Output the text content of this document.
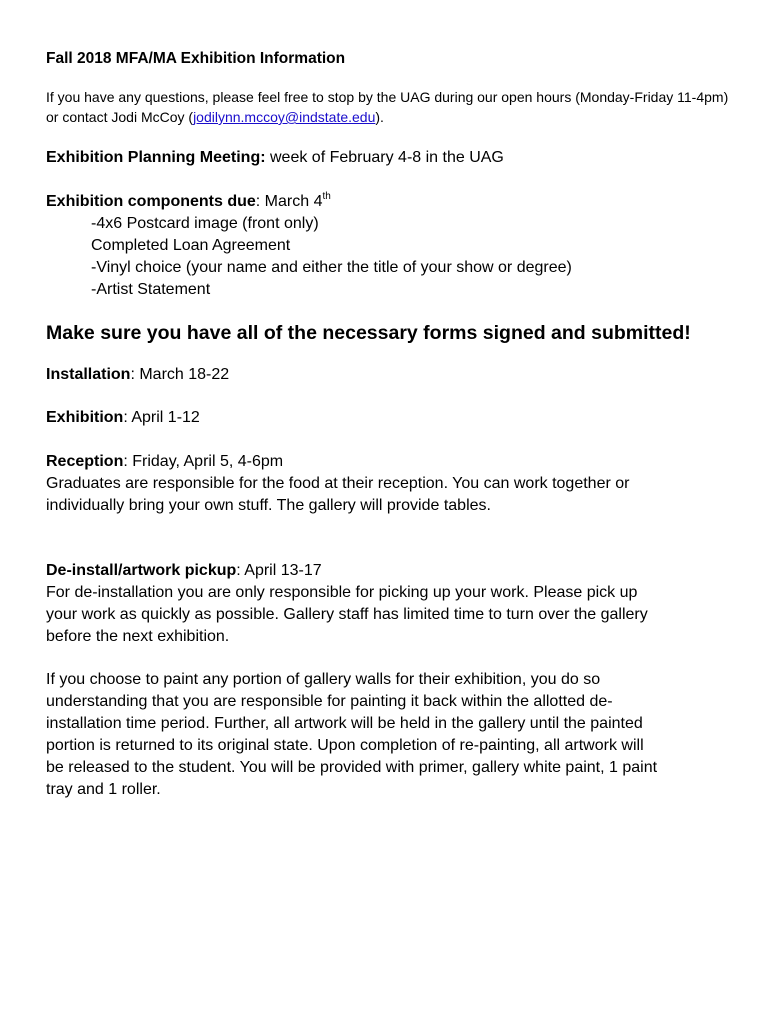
Fall 2018 MFA/MA Exhibition Information

If you have any questions, please feel free to stop by the UAG during our open hours (Monday-Friday 11-4pm) or contact Jodi McCoy (jodilynn.mccoy@indstate.edu).

Exhibition Planning Meeting: week of February 4-8 in the UAG

Exhibition components due: March 4th

-4x6 Postcard image (front only)

Completed Loan Agreement

-Vinyl choice (your name and either the title of your show or degree)

-Artist Statement

Make sure you have all of the necessary forms signed and submitted!

Installation: March 18-22

Exhibition: April 1-12

Reception: Friday, April 5, 4-6pm

Graduates are responsible for the food at their reception. You can work together or

individually bring your own stuff. The gallery will provide tables.

De-install/artwork pickup: April 13-17

For de-installation you are only responsible for picking up your work. Please pick up

your work as quickly as possible. Gallery staff has limited time to turn over the gallery

before the next exhibition.

If you choose to paint any portion of gallery walls for their exhibition, you do so

understanding that you are responsible for painting it back within the allotted de-

installation time period. Further, all artwork will be held in the gallery until the painted

portion is returned to its original state. Upon completion of re-painting, all artwork will

be released to the student. You will be provided with primer, gallery white paint, 1 paint

tray and 1 roller.
